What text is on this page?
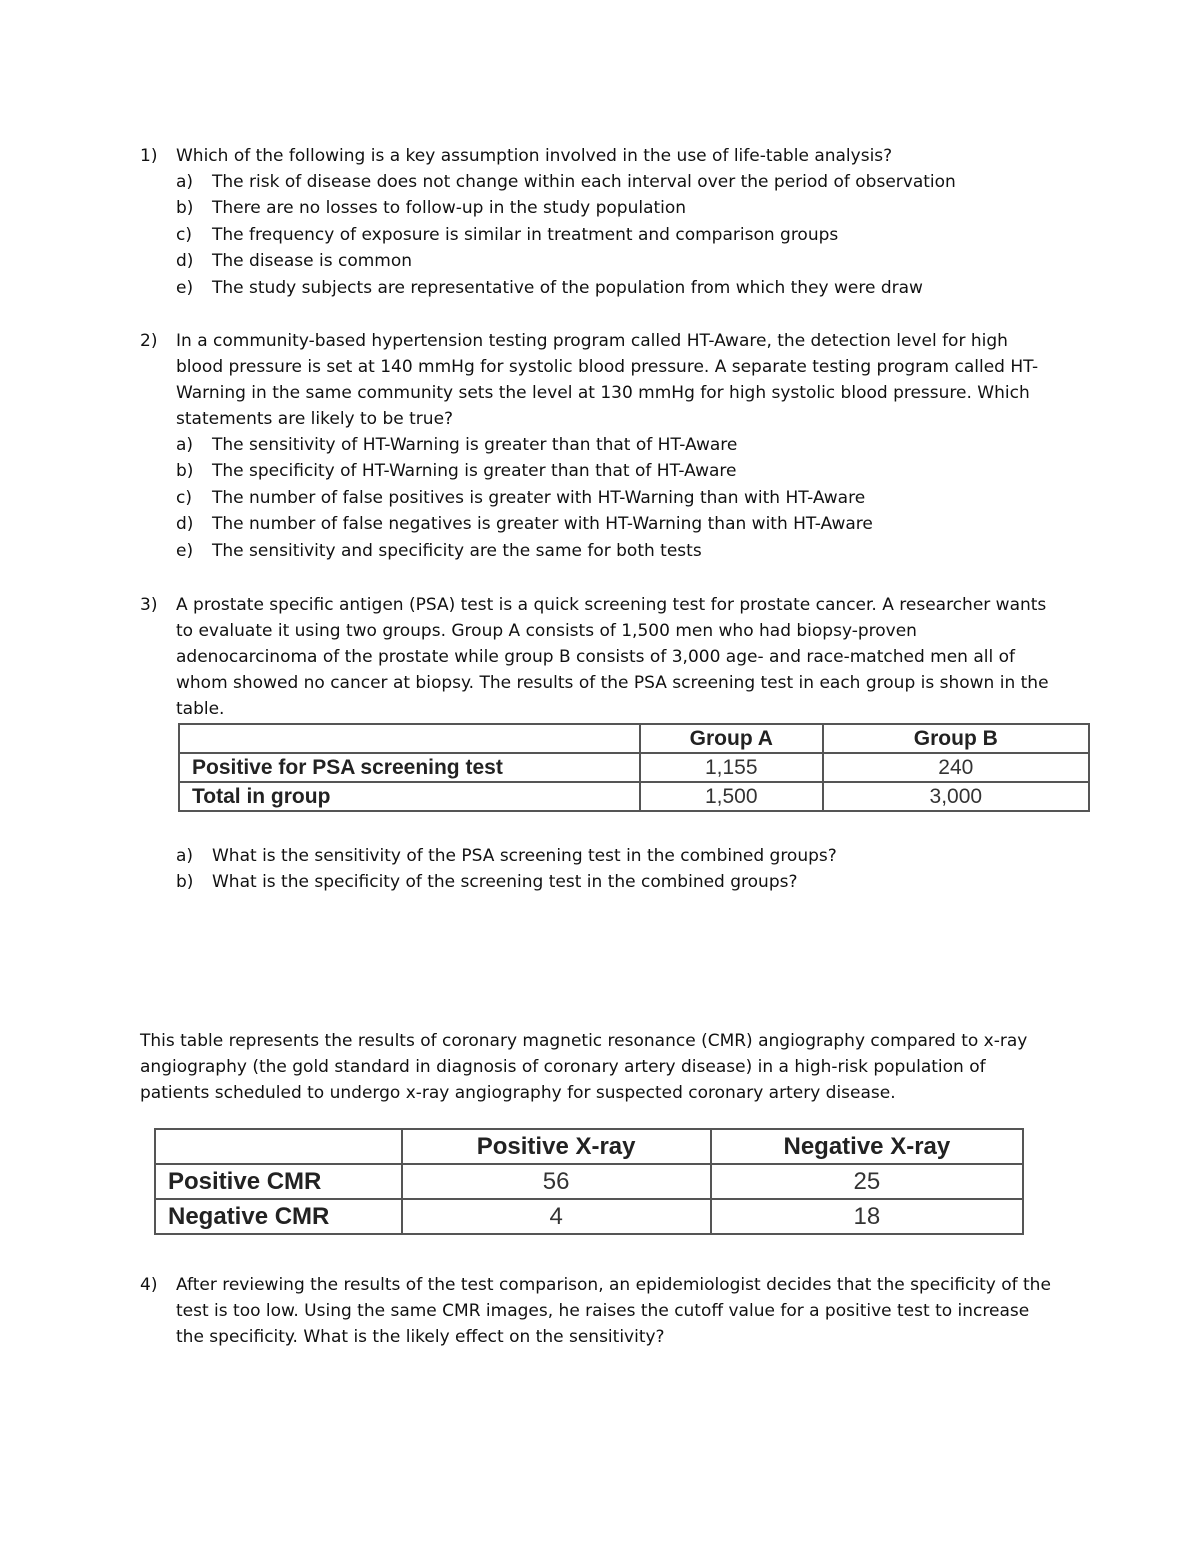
1)	Which of the following is a key assumption involved in the use of life-table analysis?
a)	The risk of disease does not change within each interval over the period of observation
b)	There are no losses to follow-up in the study population
c)	The frequency of exposure is similar in treatment and comparison groups
d)	The disease is common
e)	The study subjects are representative of the population from which they were draw
2)	In a community-based hypertension testing program called HT-Aware, the detection level for high blood pressure is set at 140 mmHg for systolic blood pressure. A separate testing program called HT-Warning in the same community sets the level at 130 mmHg for high systolic blood pressure. Which statements are likely to be true?
a)	The sensitivity of HT-Warning is greater than that of HT-Aware
b)	The specificity of HT-Warning is greater than that of HT-Aware
c)	The number of false positives is greater with HT-Warning than with HT-Aware
d)	The number of false negatives is greater with HT-Warning than with HT-Aware
e)	The sensitivity and specificity are the same for both tests
3)	A prostate specific antigen (PSA) test is a quick screening test for prostate cancer. A researcher wants to evaluate it using two groups. Group A consists of 1,500 men who had biopsy-proven adenocarcinoma of the prostate while group B consists of 3,000 age- and race-matched men all of whom showed no cancer at biopsy. The results of the PSA screening test in each group is shown in the table.
	Group A	Group B
Positive for PSA screening test	1,155	240
Total in group	1,500	3,000
a)	What is the sensitivity of the PSA screening test in the combined groups?
b)	What is the specificity of the screening test in the combined groups?
This table represents the results of coronary magnetic resonance (CMR) angiography compared to x-ray angiography (the gold standard in diagnosis of coronary artery disease) in a high-risk population of patients scheduled to undergo x-ray angiography for suspected coronary artery disease.
	Positive X-ray	Negative X-ray
Positive CMR	56	25
Negative CMR	4	18
4)	After reviewing the results of the test comparison, an epidemiologist decides that the specificity of the test is too low. Using the same CMR images, he raises the cutoff value for a positive test to increase the specificity. What is the likely effect on the sensitivity?
